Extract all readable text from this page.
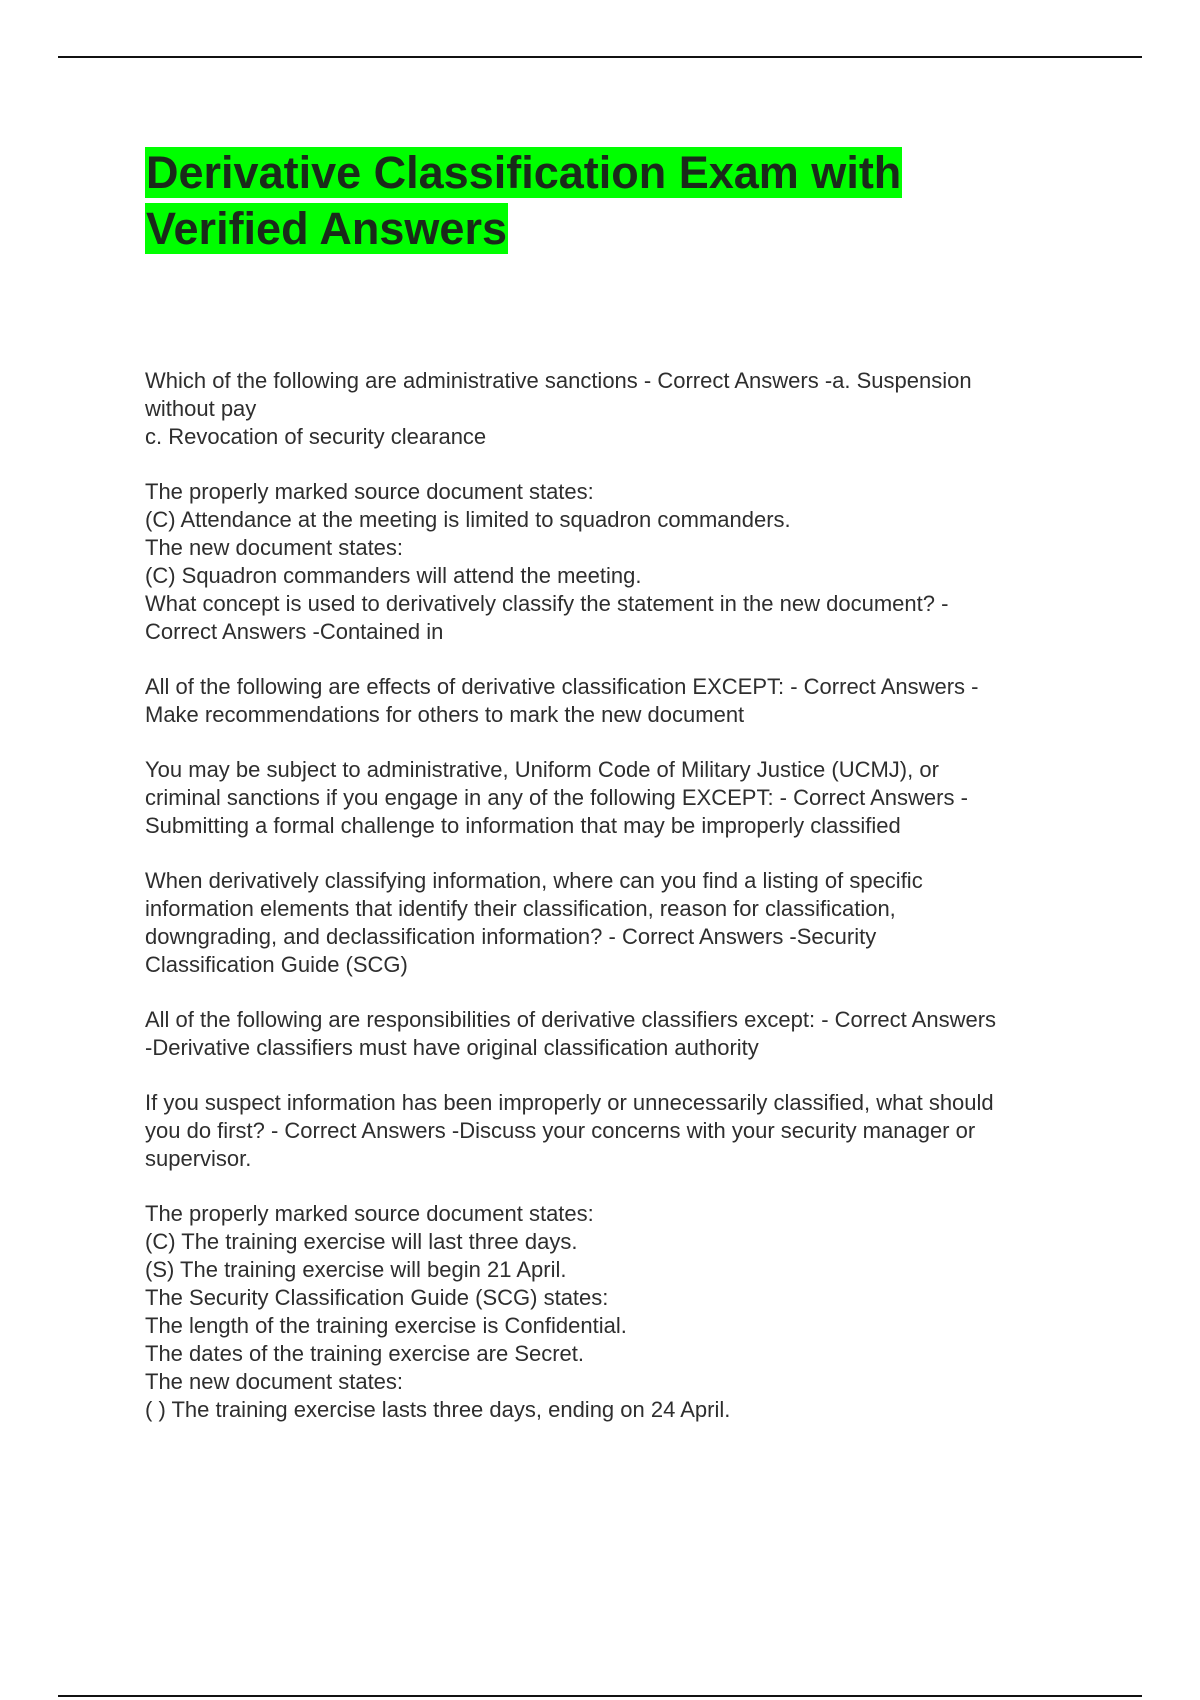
Derivative Classification Exam with
Verified Answers
Which of the following are administrative sanctions - Correct Answers -a. Suspension
without pay
c. Revocation of security clearance
The properly marked source document states:
(C) Attendance at the meeting is limited to squadron commanders.
The new document states:
(C) Squadron commanders will attend the meeting.
What concept is used to derivatively classify the statement in the new document? -
Correct Answers -Contained in
All of the following are effects of derivative classification EXCEPT: - Correct Answers -
Make recommendations for others to mark the new document
You may be subject to administrative, Uniform Code of Military Justice (UCMJ), or
criminal sanctions if you engage in any of the following EXCEPT: - Correct Answers -
Submitting a formal challenge to information that may be improperly classified
When derivatively classifying information, where can you find a listing of specific
information elements that identify their classification, reason for classification,
downgrading, and declassification information? - Correct Answers -Security
Classification Guide (SCG)
All of the following are responsibilities of derivative classifiers except: - Correct Answers
-Derivative classifiers must have original classification authority
If you suspect information has been improperly or unnecessarily classified, what should
you do first? - Correct Answers -Discuss your concerns with your security manager or
supervisor.
The properly marked source document states:
(C) The training exercise will last three days.
(S) The training exercise will begin 21 April.
The Security Classification Guide (SCG) states:
The length of the training exercise is Confidential.
The dates of the training exercise are Secret.
The new document states:
( ) The training exercise lasts three days, ending on 24 April.
